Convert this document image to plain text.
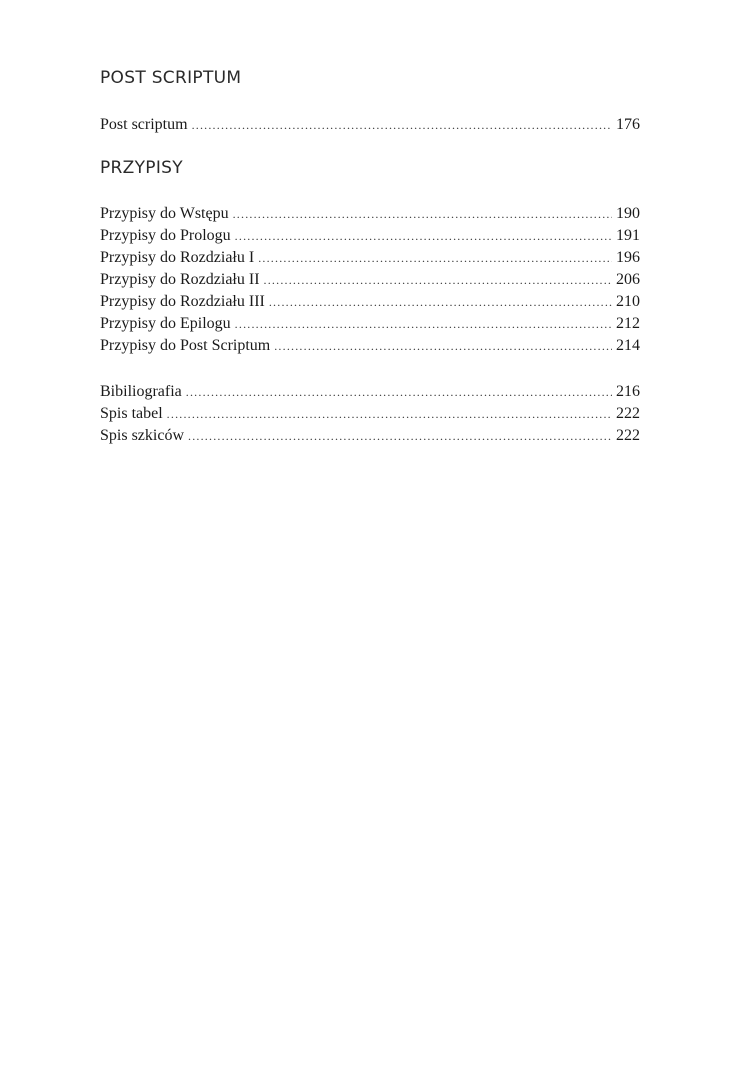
POST SCRIPTUM
Post scriptum .....	176
PRZYPISY
Przypisy do Wstępu .....	190
Przypisy do Prologu .....	191
Przypisy do Rozdziału I .....	196
Przypisy do Rozdziału II .....	206
Przypisy do Rozdziału III .....	210
Przypisy do Epilogu .....	212
Przypisy do Post Scriptum .....	214
Bibiliografia .....	216
Spis tabel .....	222
Spis szkiców .....	222
